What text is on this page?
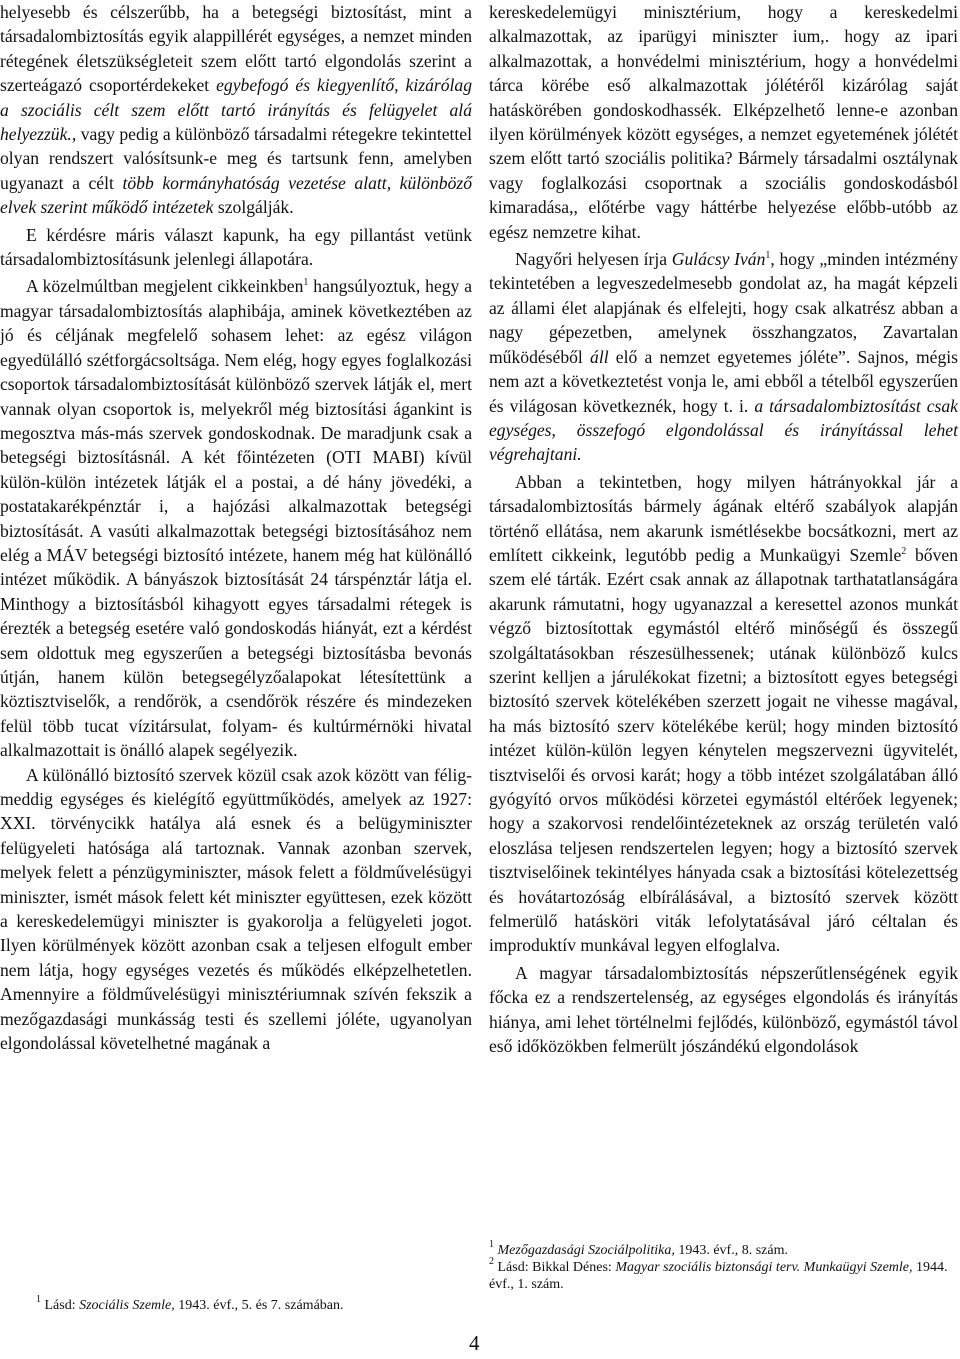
helyesebb és célszerűbb, ha a betegségi biztosítást, mint a társadalombiztosítás egyik alappillérét egységes, a nemzet minden rétegének életszükségleteit szem előtt tartó elgondolás szerint a szerteágazó csoportérdekeket egybefogó és kiegyenlítő, kizárólag a szociális célt szem előtt tartó irányítás és felügyelet alá helyezzük., vagy pedig a különböző társadalmi rétegekre tekintettel olyan rendszert valósítsunk-e meg és tartsunk fenn, amelyben ugyanazt a célt több kormányhatóság vezetése alatt, különböző elvek szerint működő intézetek szolgálják.

E kérdésre máris választ kapunk, ha egy pillantást vetünk társadalombiztosításunk jelenlegi állapotára.

A közelmúltban megjelent cikkeinkben$^1$ hangsúlyoztuk, hegy a magyar társadalombiztosítás alaphibája, aminek következtében az jó és céljának megfelelő sohasem lehet: az egész világon egyedülálló szétforgácsoltsága. Nem elég, hogy egyes foglalkozási csoportok társadalombiztosítását különböző szervek látják el, mert vannak olyan csoportok is, melyekről még biztosítási ágankint is megosztva más-más szervek gondoskodnak. De maradjunk csak a betegségi biztosításnál. A két főintézeten (OTI MABI) kívül külön-külön intézetek látják el a postai, a dé hány jövedéki, a postatakarékpénztár i, a hajózási alkalmazottak betegségi biztosítását. A vasúti alkalmazottak betegségi biztosításához nem elég a MÁV betegségi biztosító intézete, hanem még hat különálló intézet működik. A bányászok biztosítását 24 társpénztár látja el. Minthogy a biztosításból kihagyott egyes társadalmi rétegek is érezték a betegség esetére való gondoskodás hiányát, ezt a kérdést sem oldottuk meg egyszerűen a betegségi biztosításba bevonás útján, hanem külön betegsegélyzőalapokat létesítettünk a köztisztviselők, a rendőrök, a csendőrök részére és mindezeken felül több tucat vízitársulat, folyam- és kultúrmérnöki hivatal alkalmazottait is önálló alapek segélyezik.

A különálló biztosító szervek közül csak azok között van félig-meddig egységes és kielégítő együttműködés, amelyek az 1927: XXI. törvénycikk hatálya alá esnek és a belügyminiszter felügyeleti hatósága alá tartoznak. Vannak azonban szervek, melyek felett a pénzügyminiszter, mások felett a földművelésügyi miniszter, ismét mások felett két miniszter együttesen, ezek között a kereskedelemügyi miniszter is gyakorolja a felügyeleti jogot. Ilyen körülmények között azonban csak a teljesen elfogult ember nem látja, hogy egységes vezetés és működés elképzelhetetlen. Amennyire a földművelésügyi minisztériumnak szívén fekszik a mezőgazdasági munkásság testi és szellemi jóléte, ugyanolyan elgondolással követelhetné magának a

kereskedelemügyi minisztérium, hogy a kereskedelmi alkalmazottak, az iparügyi miniszter ium,. hogy az ipari alkalmazottak, a honvédelmi minisztérium, hogy a honvédelmi tárca körébe eső alkalmazottak jólétéről kizárólag saját hatáskörében gondoskodhassék. Elképzelhető lenne-e azonban ilyen körülmények között egységes, a nemzet egyetemének jólétét szem előtt tartó szociális politika? Bármely társadalmi osztálynak vagy foglalkozási csoportnak a szociális gondoskodásból kimaradása,, előtérbe vagy háttérbe helyezése előbb-utóbb az egész nemzetre kihat.

Nagyőri helyesen írja Gulácsy Iván$^1$, hogy „minden intézmény tekintetében a legveszedelmesebb gondolat az, ha magát képzeli az állami élet alapjának és elfelejti, hogy csak alkatrész abban a nagy gépezetben, amelynek összhangzatos, Zavartalan működéséből áll elő a nemzet egyetemes jóléte”. Sajnos, mégis nem azt a következtetést vonja le, ami ebből a tételből egyszerűen és világosan következnék, hogy t. i. a társadalombiztosítást csak egységes, összefogó elgondolással és irányítással lehet végrehajtani.

Abban a tekintetben, hogy milyen hátrányokkal jár a társadalombiztosítás bármely ágának eltérő szabályok alapján történő ellátása, nem akarunk ismétlésekbe bocsátkozni, mert az említett cikkeink, legutóbb pedig a Munkaügyi Szemle$^2$ bőven szem elé tárták. Ezért csak annak az állapotnak tarthatatlanságára akarunk rámutatni, hogy ugyanazzal a keresettel azonos munkát végző biztosítottak egymástól eltérő minőségű és összegű szolgáltatásokban részesülhessenek; utának különböző kulcs szerint kelljen a járulékokat fizetni; a biztosított egyes betegségi biztosító szervek kötelékében szerzett jogait ne vihesse magával, ha más biztosító szerv kötelékébe kerül; hogy minden biztosító intézet külön-külön legyen kénytelen megszervezni ügyvitelét, tisztviselői és orvosi karát; hogy a több intézet szolgálatában álló gyógyító orvos működési körzetei egymástól eltérőek legyenek; hogy a szakorvosi rendelőintézeteknek az ország területén való eloszlása teljesen rendszertelen legyen; hogy a biztosító szervek tisztviselőinek tekintélyes hányada csak a biztosítási kötelezettség és hovátartozóság elbírálásával, a biztosító szervek között felmerülő hatásköri viták lefolytatásával járó céltalan és improduktív munkával legyen elfoglalva.

A magyar társadalombiztosítás népszerűtlenségének egyik főcka ez a rendszertelenség, az egységes elgondolás és irányítás hiánya, ami lehet törtélnelmi fejlődés, különböző, egymástól távol eső időközökben felmerült jószándékú elgondolások

$^1$ Mezőgazdasági Szociálpolitika, 1943. évf., 8. szám.

$^2$ Lásd: Bikkal Dénes: Magyar szociális biztonsági terv. Munkaügyi Szemle, 1944. évf., 1. szám.

$^1$ Lásd: Szociális Szemle, 1943. évf., 5. és 7. számában.
4
